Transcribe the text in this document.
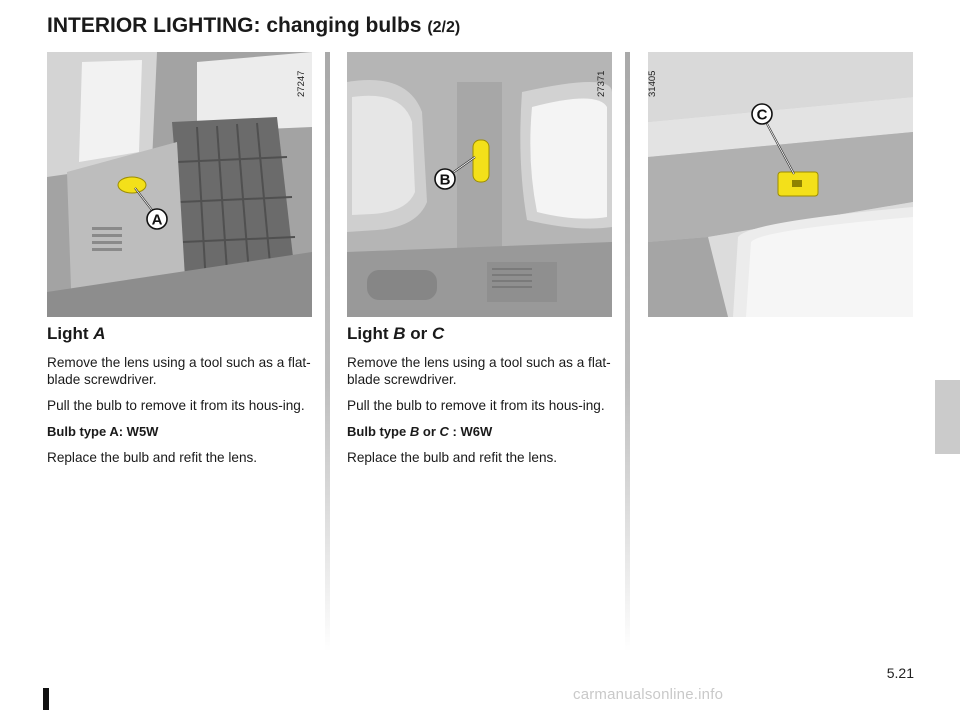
INTERIOR LIGHTING: changing bulbs (2/2)
A
27247
B
27371
C
31405
Light A

Remove the lens using a tool such as a flat-blade screwdriver.

Pull the bulb to remove it from its hous-ing.

Bulb type A: W5W

Replace the bulb and refit the lens.

Light B or C

Remove the lens using a tool such as a flat-blade screwdriver.

Pull the bulb to remove it from its hous-ing.

Bulb type B or C : W6W

Replace the bulb and refit the lens.

5.21
carmanualsonline.info
